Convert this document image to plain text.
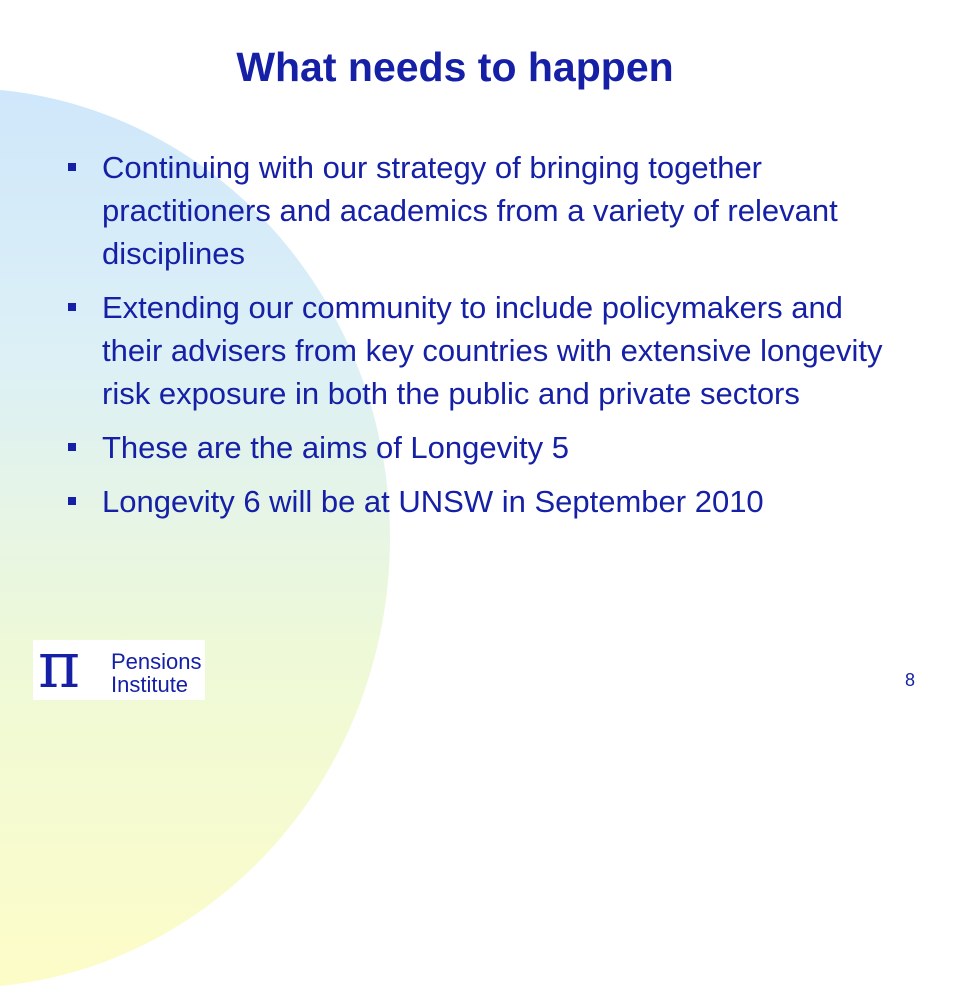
What needs to happen
Continuing with our strategy of bringing together practitioners and academics from a variety of relevant disciplines
Extending our community to include policymakers and their advisers from key countries with extensive longevity risk exposure in both the public and private sectors
These are the aims of Longevity 5
Longevity 6 will be at UNSW in September 2010
π Pensions
Institute	8
